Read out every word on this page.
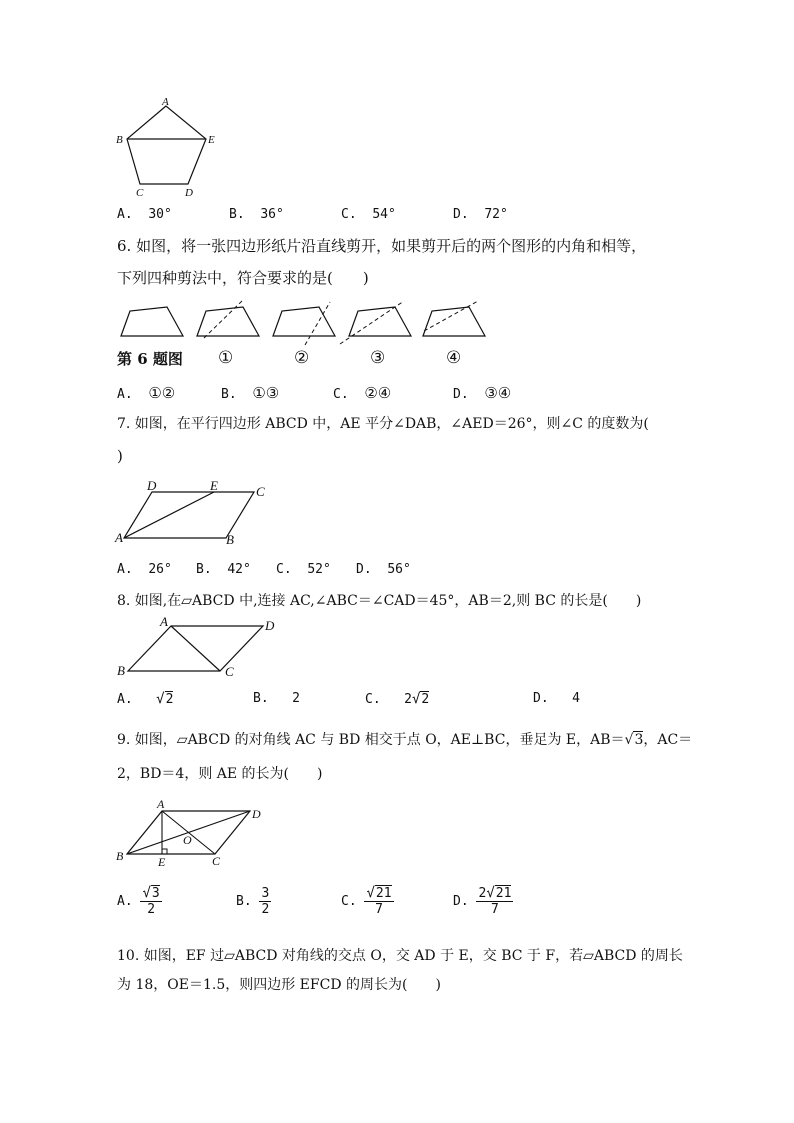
A
B	E
C	D
A. 30°	B. 36°	C. 54°	D. 72°
6. 如图，将一张四边形纸片沿直线剪开，如果剪开后的两个图形的内角和相等，
下列四种剪法中，符合要求的是(　　)
第 6 题图 ①	②	③	④
A. ①②	B. ①③	C. ②④	D. ③④
7. 如图，在平行四边形 ABCD 中，AE 平分∠DAB，∠AED＝26°，则∠C 的度数为(
)
D	E	C
A	B
A. 26° B. 42° C. 52° D. 56°
8. 如图,在▱ABCD 中,连接 AC,∠ABC＝∠CAD＝45°，AB＝2,则 BC 的长是(　　)
A	D
B	C
A. √2	B. 2	C. 2√2	D. 4
9. 如图，▱ABCD 的对角线 AC 与 BD 相交于点 O，AE⊥BC，垂足为 E，AB＝√3，AC＝
2，BD＝4，则 AE 的长为(　　)
A
D
O
B	E	C
A. $\frac{√3}{2}$	B. $\frac{3}{2}$	C. $\frac{√21}{7}$	D. $\frac{2√21}{7}$
10. 如图，EF 过▱ABCD 对角线的交点 O，交 AD 于 E，交 BC 于 F，若▱ABCD 的周长
为 18，OE＝1.5，则四边形 EFCD 的周长为(　　)
